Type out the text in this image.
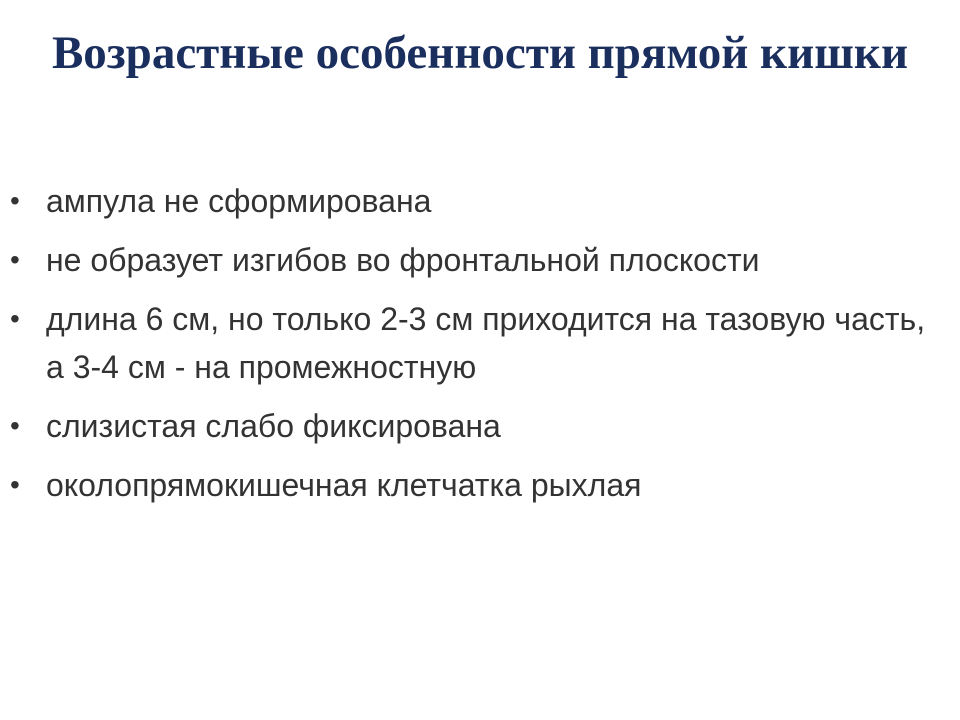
Возрастные особенности прямой кишки
• ампула не сформирована
• не образует изгибов во фронтальной плоскости
• длина 6 см, но только 2-3 см приходится на тазовую часть, а 3-4 см - на промежностную
• слизистая слабо фиксирована
• околопрямокишечная клетчатка рыхлая
